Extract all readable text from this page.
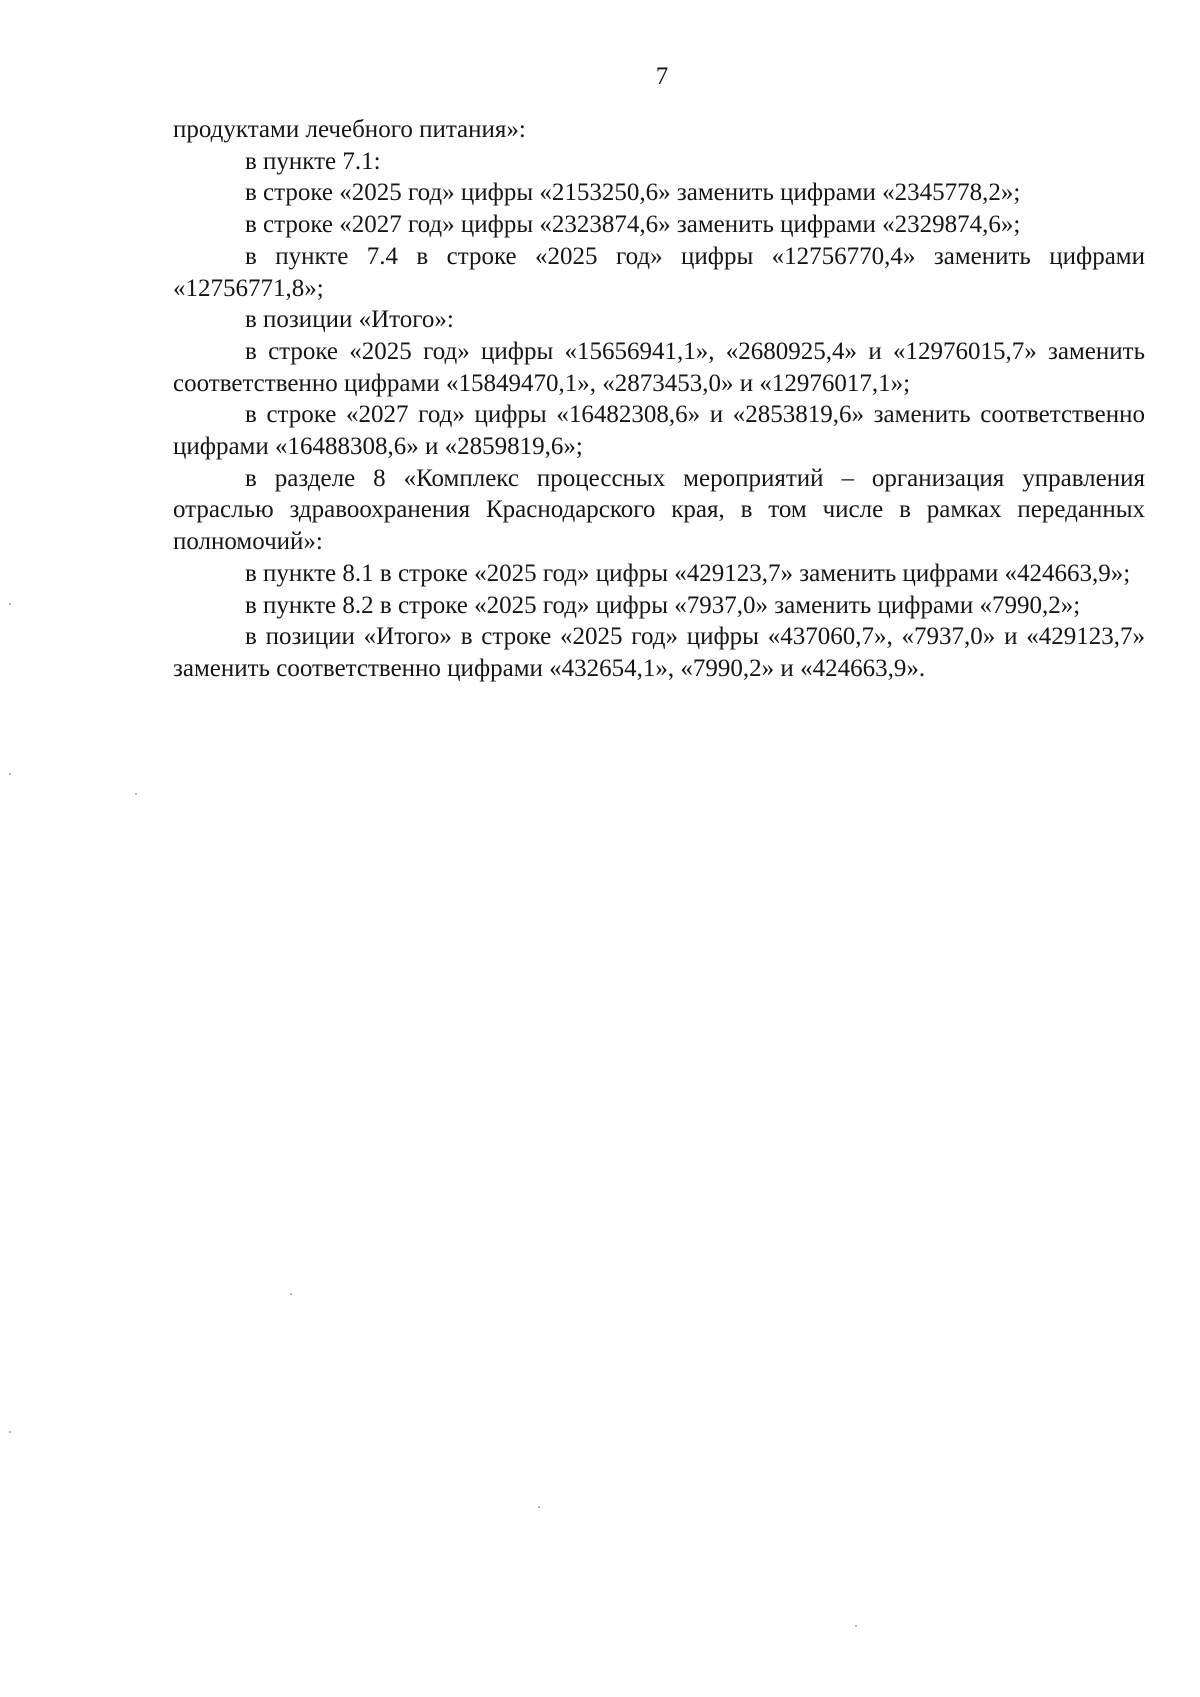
7

продуктами лечебного питания»:

в пункте 7.1:

в строке «2025 год» цифры «2153250,6» заменить цифрами «2345778,2»;

в строке «2027 год» цифры «2323874,6» заменить цифрами «2329874,6»;

в пункте 7.4 в строке «2025 год» цифры «12756770,4» заменить цифрами «12756771,8»;

в позиции «Итого»:

в строке «2025 год» цифры «15656941,1», «2680925,4» и «12976015,7» заменить соответственно цифрами «15849470,1», «2873453,0» и «12976017,1»;

в строке «2027 год» цифры «16482308,6» и «2853819,6» заменить соответственно цифрами «16488308,6» и «2859819,6»;

в разделе 8 «Комплекс процессных мероприятий – организация управления отраслью здравоохранения Краснодарского края, в том числе в рамках переданных полномочий»:

в пункте 8.1 в строке «2025 год» цифры «429123,7» заменить цифрами «424663,9»;

в пункте 8.2 в строке «2025 год» цифры «7937,0» заменить цифрами «7990,2»;

в позиции «Итого» в строке «2025 год» цифры «437060,7», «7937,0» и «429123,7» заменить соответственно цифрами «432654,1», «7990,2» и «424663,9».
